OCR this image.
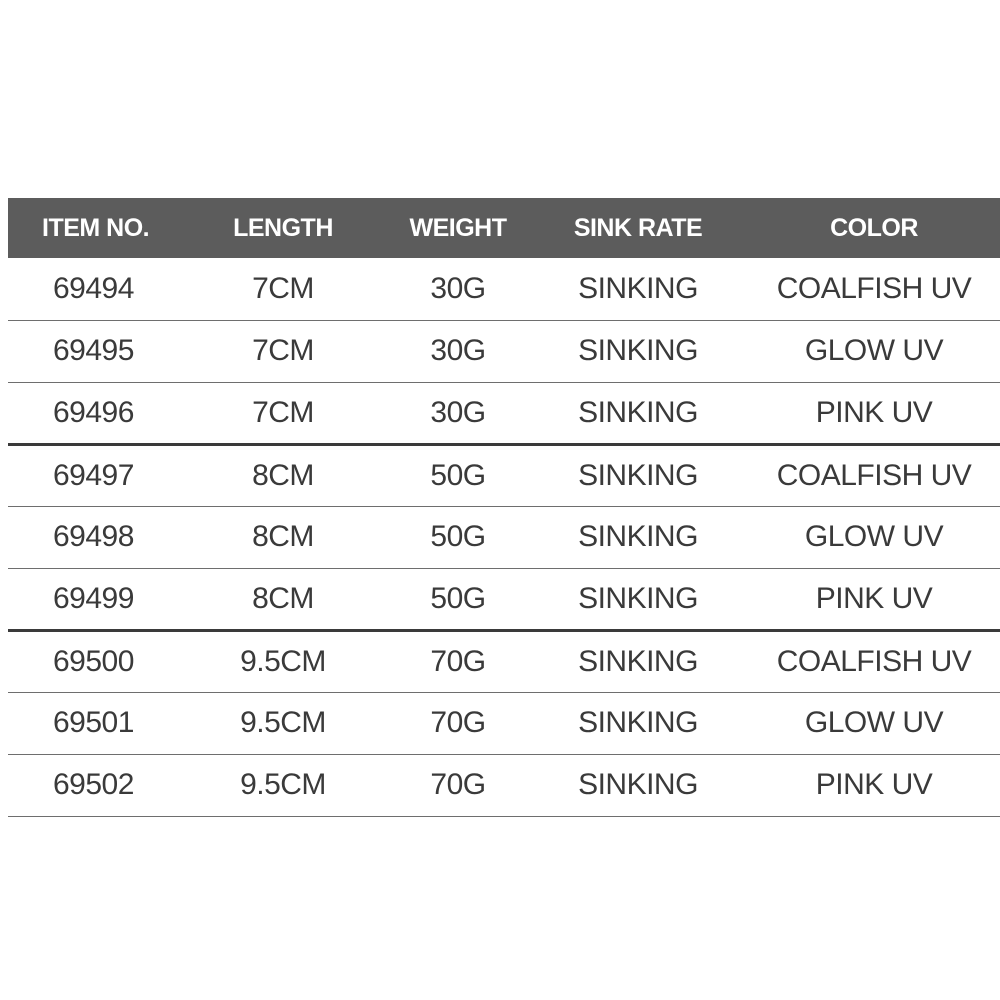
ITEM NO.	LENGTH	WEIGHT	SINK RATE	COLOR
69494	7CM	30G	SINKING	COALFISH UV
69495	7CM	30G	SINKING	GLOW UV
69496	7CM	30G	SINKING	PINK UV
69497	8CM	50G	SINKING	COALFISH UV
69498	8CM	50G	SINKING	GLOW UV
69499	8CM	50G	SINKING	PINK UV
69500	9.5CM	70G	SINKING	COALFISH UV
69501	9.5CM	70G	SINKING	GLOW UV
69502	9.5CM	70G	SINKING	PINK UV
